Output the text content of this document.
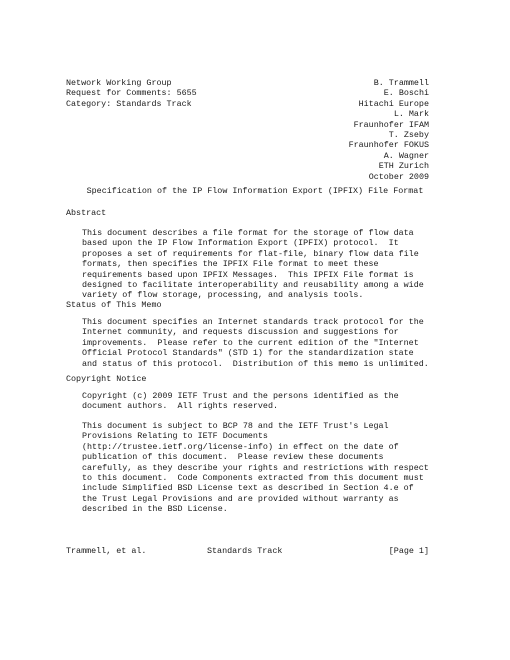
Network Working Group
Request for Comments: 5655
Category: Standards Track
B. Trammell
E. Boschi
Hitachi Europe
L. Mark
Fraunhofer IFAM
T. Zseby
Fraunhofer FOKUS
A. Wagner
ETH Zurich
October 2009
Specification of the IP Flow Information Export (IPFIX) File Format
Abstract
This document describes a file format for the storage of flow data
based upon the IP Flow Information Export (IPFIX) protocol.  It
proposes a set of requirements for flat-file, binary flow data file
formats, then specifies the IPFIX File format to meet these
requirements based upon IPFIX Messages.  This IPFIX File format is
designed to facilitate interoperability and reusability among a wide
variety of flow storage, processing, and analysis tools.
Status of This Memo
This document specifies an Internet standards track protocol for the
Internet community, and requests discussion and suggestions for
improvements.  Please refer to the current edition of the "Internet
Official Protocol Standards" (STD 1) for the standardization state
and status of this protocol.  Distribution of this memo is unlimited.
Copyright Notice
Copyright (c) 2009 IETF Trust and the persons identified as the
document authors.  All rights reserved.
This document is subject to BCP 78 and the IETF Trust's Legal
Provisions Relating to IETF Documents
(http://trustee.ietf.org/license-info) in effect on the date of
publication of this document.  Please review these documents
carefully, as they describe your rights and restrictions with respect
to this document.  Code Components extracted from this document must
include Simplified BSD License text as described in Section 4.e of
the Trust Legal Provisions and are provided without warranty as
described in the BSD License.
Trammell, et al.	Standards Track	[Page 1]
